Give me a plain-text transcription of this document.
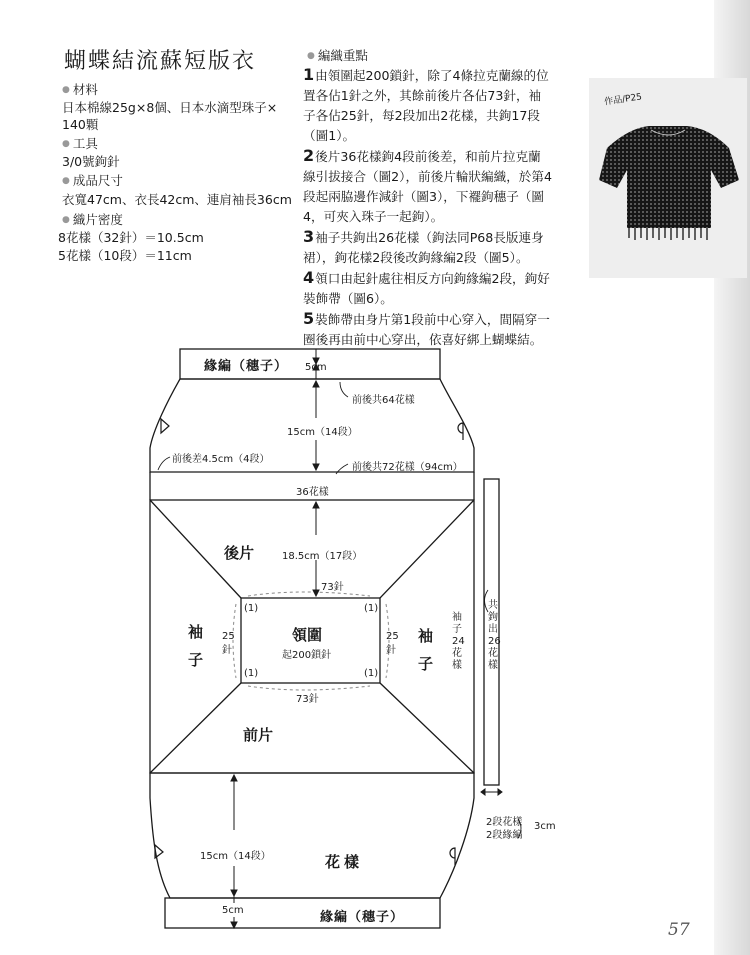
蝴蝶結流蘇短版衣
● 材料
日本棉線25g×8個、日本水滴型珠子×
140顆
● 工具
3/0號鉤針
● 成品尺寸
衣寬47cm、衣長42cm、連肩袖長36cm
● 織片密度
8花樣（32針）＝10.5cm
5花樣（10段）＝11cm
● 編織重點
1由領圍起200鎖針，除了4條拉克蘭線的位
置各佔1針之外，其餘前後片各佔73針，袖
子各佔25針，每2段加出2花樣，共鉤17段
（圖1）。
2後片36花樣鉤4段前後差，和前片拉克蘭
線引拔接合（圖2），前後片輪狀編織，於第4
段起兩脇邊作減針（圖3），下襬鉤穗子（圖
4，可夾入珠子一起鉤）。
3袖子共鉤出26花樣（鉤法同P68長版連身
裙），鉤花樣2段後改鉤緣編2段（圖5）。
4領口由起針處往相反方向鉤緣編2段，鉤好
裝飾帶（圖6）。
5裝飾帶由身片第1段前中心穿入，間隔穿一
圈後再由前中心穿出，依喜好綁上蝴蝶結。
作品/P25
緣編（穗子） 5cm
前後共64花樣
15cm（14段）
前後差4.5cm（4段）
前後共72花樣（94cm）
36花樣
後片	18.5cm（17段）
73針
(1)	(1)
(1)	(1)
袖子
袖子
25針
25針
領圍
起200鎖針
73針
前片
袖子24花樣
共鉤出26花樣
2段花樣
2段緣編
3cm
15cm（14段）	花樣
5cm	緣編（穗子）
57
